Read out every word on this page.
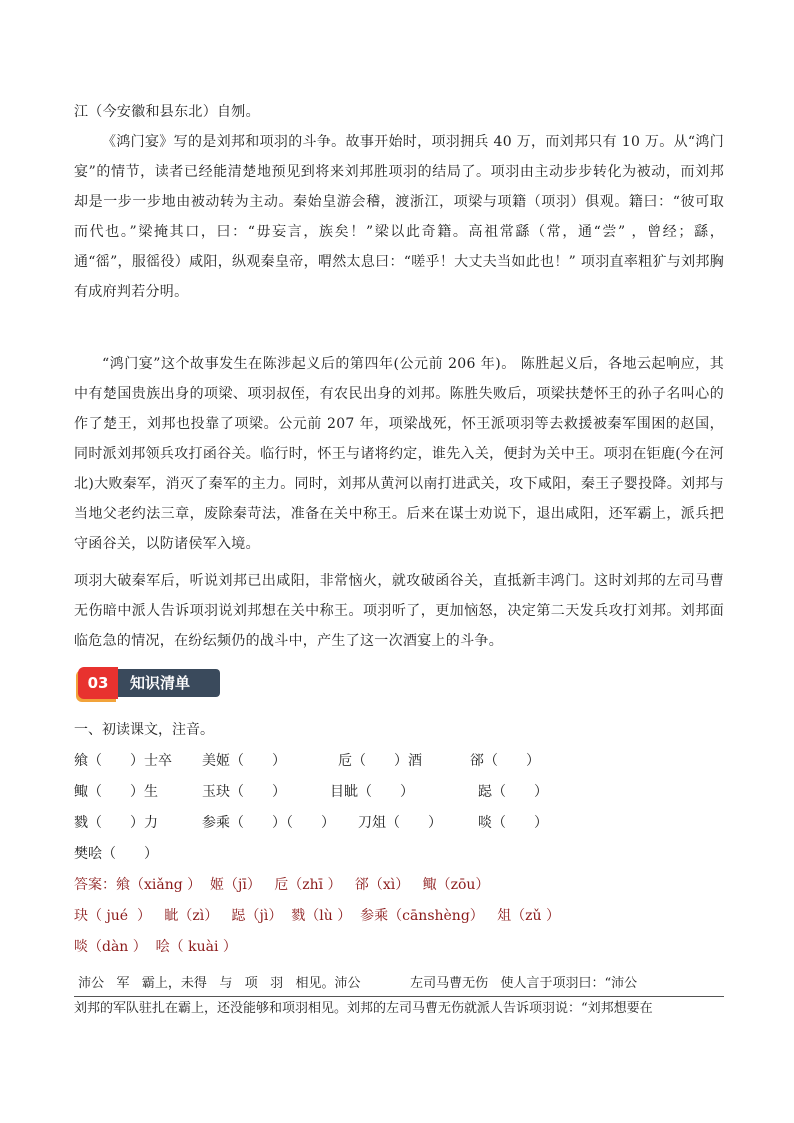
江（今安徽和县东北）自刎。

《鸿门宴》写的是刘邦和项羽的斗争。故事开始时，项羽拥兵 40 万，而刘邦只有 10 万。从“鸿门宴”的情节，读者已经能清楚地预见到将来刘邦胜项羽的结局了。项羽由主动步步转化为被动，而刘邦却是一步一步地由被动转为主动。秦始皇游会稽，渡浙江，项梁与项籍（项羽）俱观。籍曰：“彼可取而代也。”梁掩其口，曰：“毋妄言，族矣！”梁以此奇籍。高祖常繇（常，通“尝” ，曾经；繇，通“徭”，服徭役）咸阳，纵观秦皇帝，喟然太息曰：“嗟乎！大丈夫当如此也！” 项羽直率粗犷与刘邦胸有成府判若分明。

“鸿门宴”这个故事发生在陈涉起义后的第四年(公元前 206 年)。 陈胜起义后，各地云起响应，其中有楚国贵族出身的项梁、项羽叔侄，有农民出身的刘邦。陈胜失败后，项梁扶楚怀王的孙子名叫心的作了楚王，刘邦也投靠了项梁。公元前 207 年，项梁战死，怀王派项羽等去救援被秦军围困的赵国， 同时派刘邦领兵攻打函谷关。临行时，怀王与诸将约定，谁先入关，便封为关中王。项羽在钜鹿(今在河北)大败秦军，消灭了秦军的主力。同时，刘邦从黄河以南打进武关，攻下咸阳，秦王子婴投降。刘邦与当地父老约法三章，废除秦苛法，准备在关中称王。后来在谋士劝说下，退出咸阳，还军霸上，派兵把守函谷关，以防诸侯军入境。

项羽大破秦军后，听说刘邦已出咸阳，非常恼火，就攻破函谷关，直抵新丰鸿门。这时刘邦的左司马曹无伤暗中派人告诉项羽说刘邦想在关中称王。项羽听了，更加恼怒，决定第二天发兵攻打刘邦。刘邦面临危急的情况，在纷纭频仍的战斗中，产生了这一次酒宴上的斗争。

03	知识清单
一、初读课文，注音。
飨（　　）士卒 美姬（　　）	卮（　　）酒	郤（　　）
鲰（　　）生	玉玦（　　）	目眦（　　）	跽（　　）
戮（　　）力	参乘（　　）（　　） 刀俎（　　）	啖（　　）
樊哙（　　）
答案：飨（xiǎng ）  姬（jī）   卮（zhī ）   郤（xì）   鲰（zōu）
玦（ jué  ）   眦（zì）   跽（jì）  戮（lù ）  参乘（cānshèng）   俎（zǔ ）
啖（dàn ）  哙（ kuài ）
沛公   军   霸上，未得   与   项   羽   相见。沛公            左司马曹无伤   使人言于项羽曰：“沛公
刘邦的军队驻扎在霸上，还没能够和项羽相见。刘邦的左司马曹无伤就派人告诉项羽说：“刘邦想要在
